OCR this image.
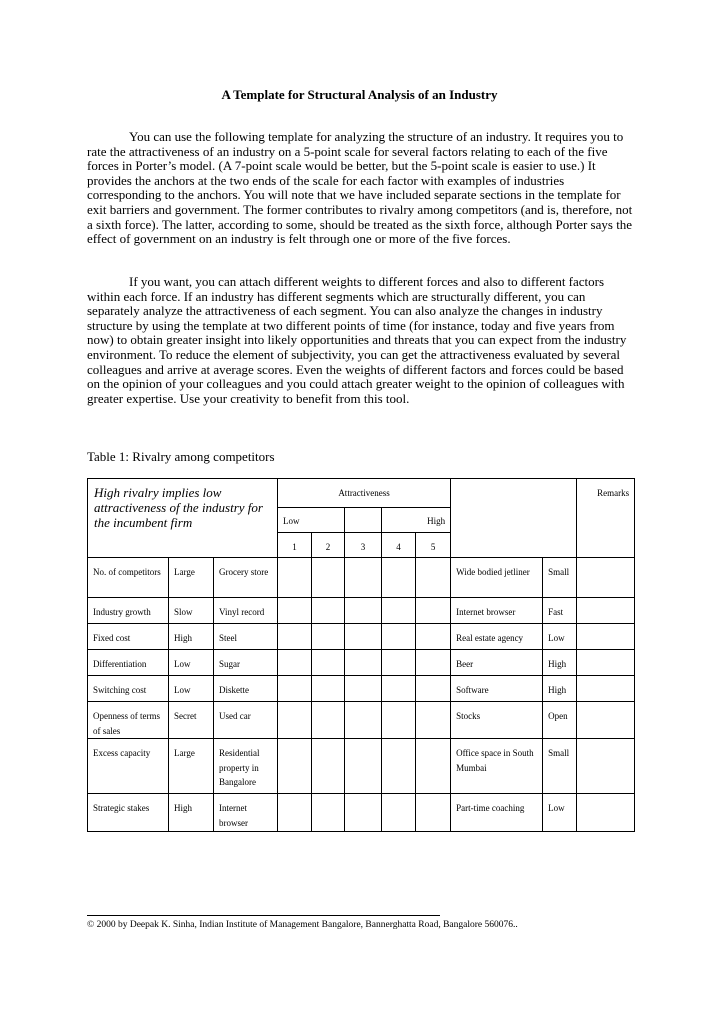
A Template for Structural Analysis of an Industry

You can use the following template for analyzing the structure of an industry. It requires you to rate the attractiveness of an industry on a 5-point scale for several factors relating to each of the five forces in Porter’s model. (A 7-point scale would be better, but the 5-point scale is easier to use.) It provides the anchors at the two ends of the scale for each factor with examples of industries corresponding to the anchors. You will note that we have included separate sections in the template for exit barriers and government. The former contributes to rivalry among competitors (and is, therefore, not a sixth force). The latter, according to some, should be treated as the sixth force, although Porter says the effect of government on an industry is felt through one or more of the five forces.

If you want, you can attach different weights to different forces and also to different factors within each force. If an industry has different segments which are structurally different, you can separately analyze the attractiveness of each segment. You can also analyze the changes in industry structure by using the template at two different points of time (for instance, today and five years from now) to obtain greater insight into likely opportunities and threats that you can expect from the industry environment. To reduce the element of subjectivity, you can get the attractiveness evaluated by several colleagues and arrive at average scores. Even the weights of different factors and forces could be based on the opinion of your colleagues and you could attach greater weight to the opinion of colleagues with greater expertise. Use your creativity to benefit from this tool.

Table 1: Rivalry among competitors
High rivalry implies low attractiveness of the industry for the incumbent firm			Attractiveness							Remarks
			Low			High				
			1	2	3	4	5			
No. of competitors	Large	Grocery store						Wide bodied jetliner	Small	
Industry growth	Slow	Vinyl record						Internet browser	Fast	
Fixed cost	High	Steel						Real estate agency	Low	
Differentiation	Low	Sugar						Beer	High	
Switching cost	Low	Diskette						Software	High	
Openness of terms of sales	Secret	Used car						Stocks	Open	
Excess capacity	Large	Residential property in Bangalore						Office space in South Mumbai	Small	
Strategic stakes	High	Internet browser						Part-time coaching	Low	
© 2000 by Deepak K. Sinha, Indian Institute of Management Bangalore, Bannerghatta Road, Bangalore 560076..
